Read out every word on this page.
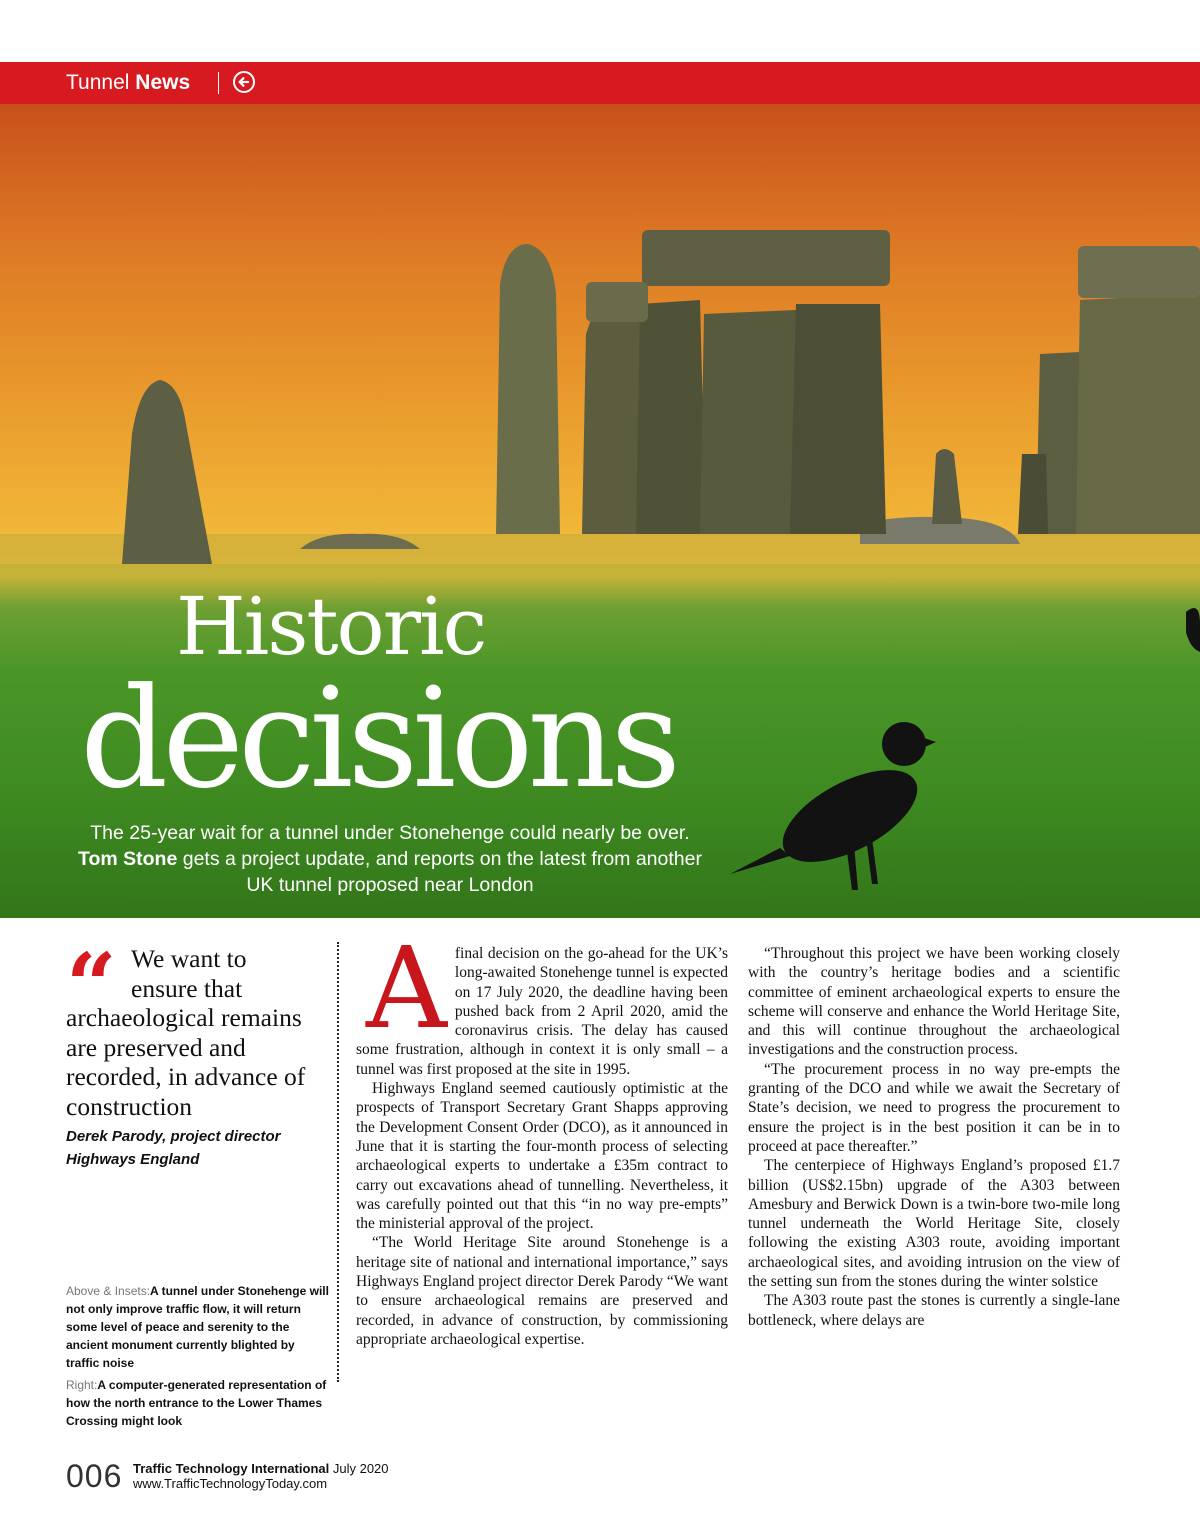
Tunnel News
Historic
decisions
The 25-year wait for a tunnel under Stonehenge could nearly be over. Tom Stone gets a project update, and reports on the latest from another UK tunnel proposed near London
“ We want to
ensure that
archaeological remains are preserved and recorded, in advance of construction
Derek Parody, project director
Highways England

Above & Insets:A tunnel under Stonehenge will not only improve traffic flow, it will return some level of peace and serenity to the ancient monument currently blighted by traffic noise

Right:A computer-generated representation of how the north entrance to the Lower Thames Crossing might look

Afinal decision on the go-ahead for the UK’s long-awaited Stonehenge tunnel is expected on 17 July 2020, the deadline having been pushed back from 2 April 2020, amid the coronavirus crisis. The delay has caused some frustration, although in context it is only small – a tunnel was first proposed at the site in 1995.

Highways England seemed cautiously optimistic at the prospects of Transport Secretary Grant Shapps approving the Development Consent Order (DCO), as it announced in June that it is starting the four-month process of selecting archaeological experts to undertake a £35m contract to carry out excavations ahead of tunnelling. Nevertheless, it was carefully pointed out that this “in no way pre-empts” the ministerial approval of the project.

“The World Heritage Site around Stonehenge is a heritage site of national and international importance,” says Highways England project director Derek Parody “We want to ensure archaeological remains are preserved and recorded, in advance of construction, by commissioning appropriate archaeological expertise.

“Throughout this project we have been working closely with the country’s heritage bodies and a scientific committee of eminent archaeological experts to ensure the scheme will conserve and enhance the World Heritage Site, and this will continue throughout the archaeological investigations and the construction process.

“The procurement process in no way pre-empts the granting of the DCO and while we await the Secretary of State’s decision, we need to progress the procurement to ensure the project is in the best position it can be in to proceed at pace thereafter.”

The centerpiece of Highways England’s proposed £1.7 billion (US$2.15bn) upgrade of the A303 between Amesbury and Berwick Down is a twin-bore two-mile long tunnel underneath the World Heritage Site, closely following the existing A303 route, avoiding important archaeological sites, and avoiding intrusion on the view of the setting sun from the stones during the winter solstice

The A303 route past the stones is currently a single-lane bottleneck, where delays are

006 Traffic Technology International July 2020
www.TrafficTechnologyToday.com
